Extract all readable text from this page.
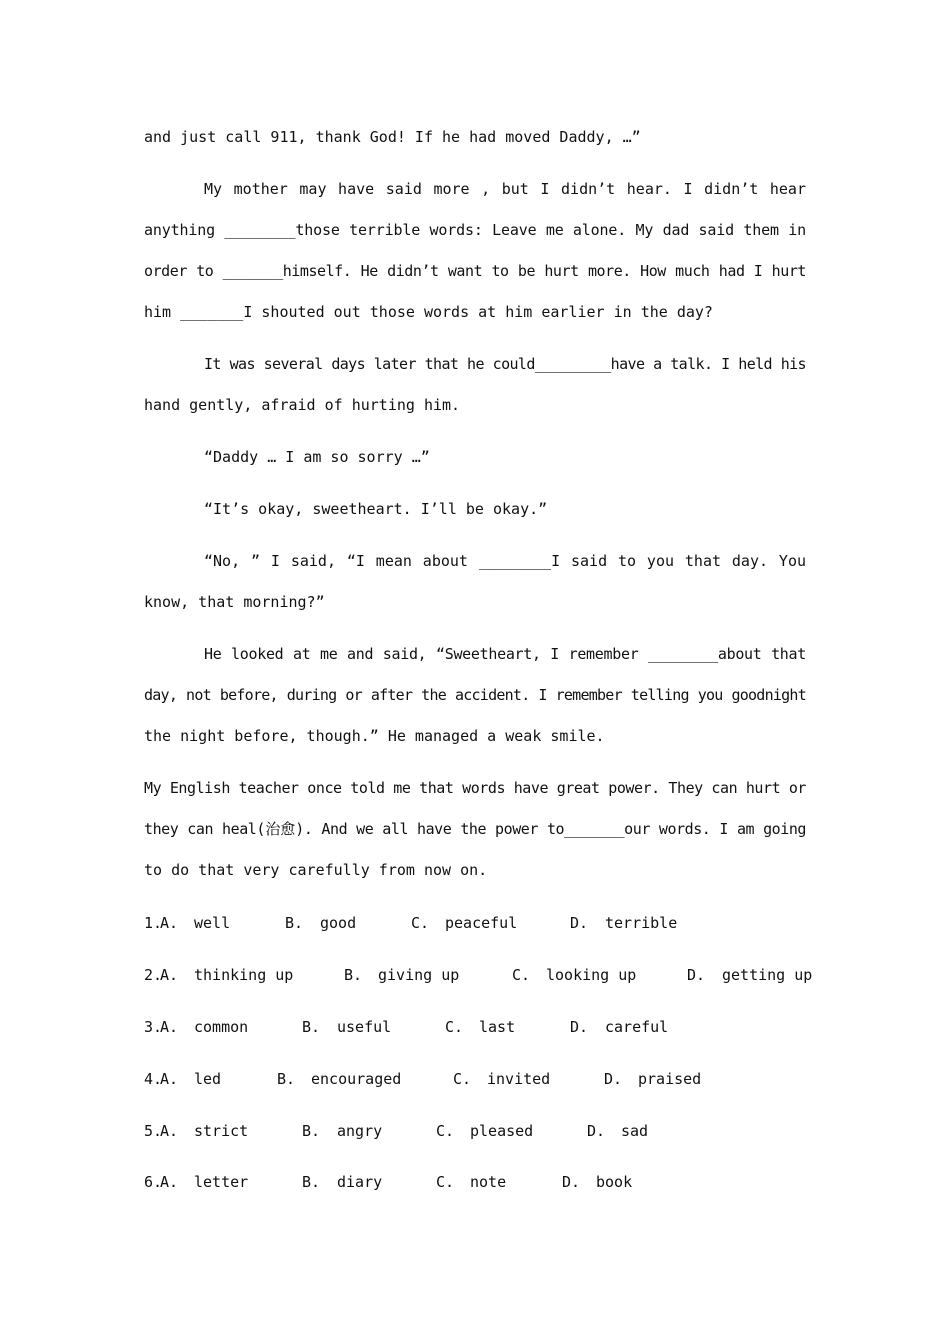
and just call 911, thank God! If he had moved Daddy, …”
My mother may have said more , but I didn’t hear. I didn’t hear
anything ________those terrible words: Leave me alone. My dad said them in
order to _______himself. He didn’t want to be hurt more. How much had I hurt
him _______I shouted out those words at him earlier in the day?
It was several days later that he could_________have a talk. I held his
hand gently, afraid of hurting him.
“Daddy … I am so sorry …”
“It’s okay, sweetheart. I’ll be okay.”
“No, ” I said, “I mean about ________I said to you that day. You
know, that morning?”
He looked at me and said, “Sweetheart, I remember ________about that
day, not before, during or after the accident. I remember telling you goodnight
the night before, though.” He managed a weak smile.
My English teacher once told me that words have great power. They can hurt or
they can heal(治愈). And we all have the power to_______our words. I am going
to do that very carefully from now on.
1.
A. well	B. good	C. peaceful	D. terrible
2.
A. thinking up	B. giving up	C. looking up	D. getting up
3.
A. common	B. useful	C. last	D. careful
4.
A. led	B. encouraged	C. invited	D. praised
5.
A. strict	B. angry	C. pleased	D. sad
6.
A. letter	B. diary	C. note	D. book
